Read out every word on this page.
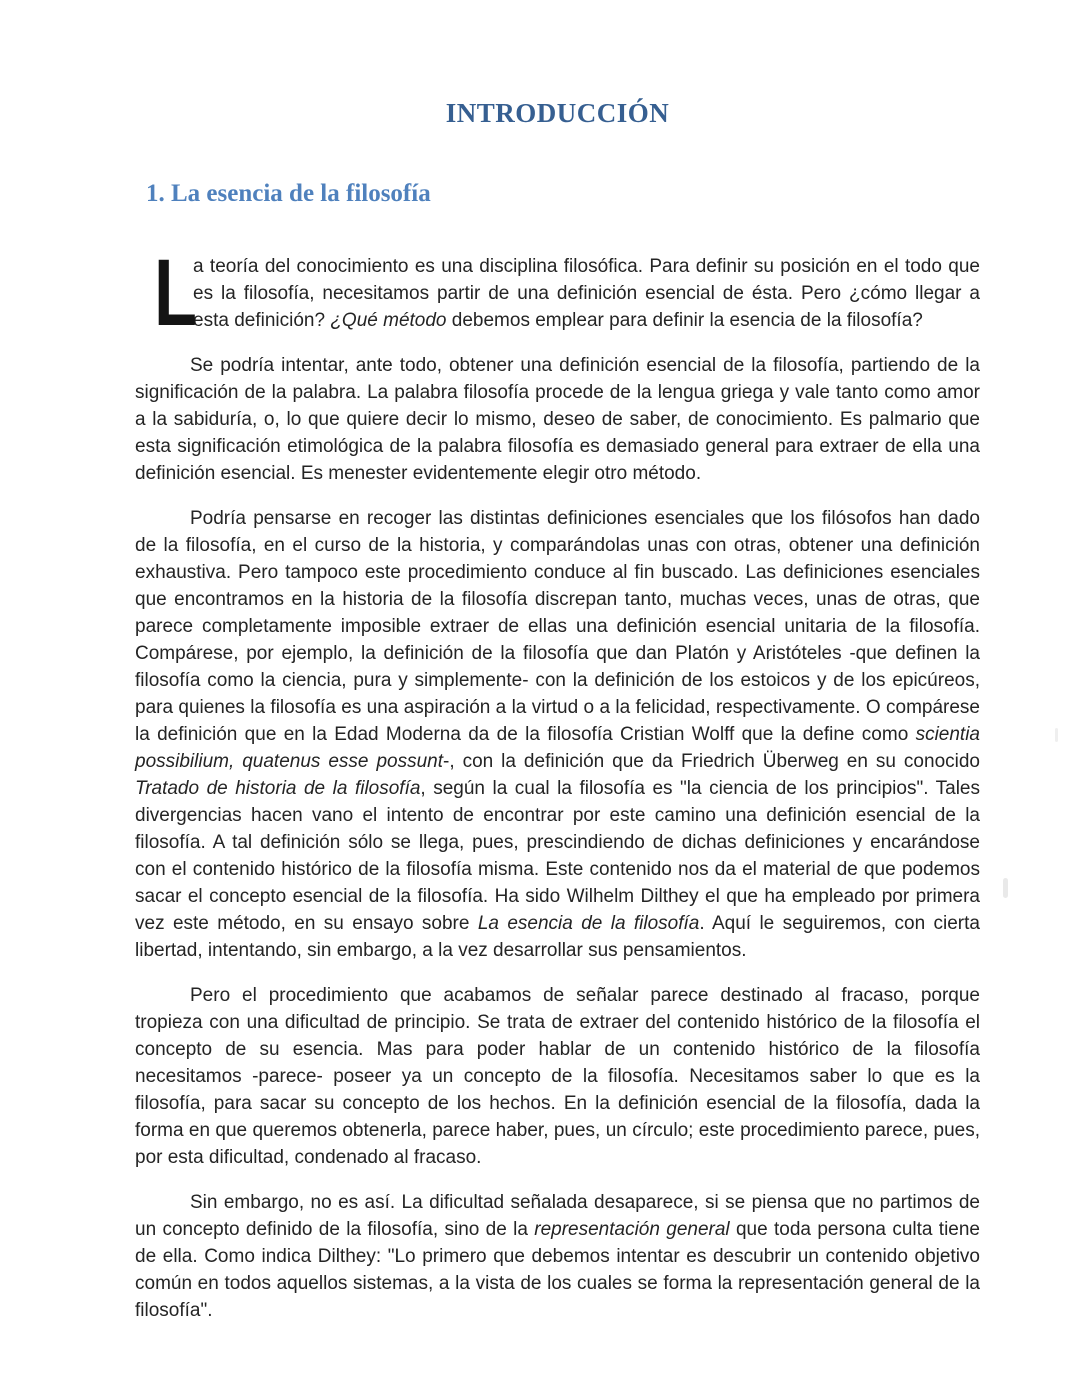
INTRODUCCIÓN
1. La esencia de la filosofía

L
a teoría del conocimiento es una disciplina filosófica. Para definir su posición en el todo que es la filosofía, necesitamos partir de una definición esencial de ésta. Pero ¿cómo llegar a esta definición? ¿Qué método debemos emplear para definir la esencia de la filosofía?

Se podría intentar, ante todo, obtener una definición esencial de la filosofía, partiendo de la significación de la palabra. La palabra filosofía procede de la lengua griega y vale tanto como amor a la sabiduría, o, lo que quiere decir lo mismo, deseo de saber, de conocimiento. Es palmario que esta significación etimológica de la palabra filosofía es demasiado general para extraer de ella una definición esencial. Es menester evidentemente elegir otro método.

Podría pensarse en recoger las distintas definiciones esenciales que los filósofos han dado de la filosofía, en el curso de la historia, y comparándolas unas con otras, obtener una definición exhaustiva. Pero tampoco este procedimiento conduce al fin buscado. Las definiciones esenciales que encontramos en la historia de la filosofía discrepan tanto, muchas veces, unas de otras, que parece completamente imposible extraer de ellas una definición esencial unitaria de la filosofía. Compárese, por ejemplo, la definición de la filosofía que dan Platón y Aristóteles -que definen la filosofía como la ciencia, pura y simplemente- con la definición de los estoicos y de los epicúreos, para quienes la filosofía es una aspiración a la virtud o a la felicidad, respectivamente. O compárese la definición que en la Edad Moderna da de la filosofía Cristian Wolff que la define como scientia possibilium, quatenus esse possunt-, con la definición que da Friedrich Überweg en su conocido Tratado de historia de la filosofía, según la cual la filosofía es "la ciencia de los principios". Tales divergencias hacen vano el intento de encontrar por este camino una definición esencial de la filosofía. A tal definición sólo se llega, pues, prescindiendo de dichas definiciones y encarándose con el contenido histórico de la filosofía misma. Este contenido nos da el material de que podemos sacar el concepto esencial de la filosofía. Ha sido Wilhelm Dilthey el que ha empleado por primera vez este método, en su ensayo sobre La esencia de la filosofía. Aquí le seguiremos, con cierta libertad, intentando, sin embargo, a la vez desarrollar sus pensamientos.

Pero el procedimiento que acabamos de señalar parece destinado al fracaso, porque tropieza con una dificultad de principio. Se trata de extraer del contenido histórico de la filosofía el concepto de su esencia. Mas para poder hablar de un contenido histórico de la filosofía necesitamos -parece- poseer ya un concepto de la filosofía. Necesitamos saber lo que es la filosofía, para sacar su concepto de los hechos. En la definición esencial de la filosofía, dada la forma en que queremos obtenerla, parece haber, pues, un círculo; este procedimiento parece, pues, por esta dificultad, condenado al fracaso.

Sin embargo, no es así. La dificultad señalada desaparece, si se piensa que no partimos de un concepto definido de la filosofía, sino de la representación general que toda persona culta tiene de ella. Como indica Dilthey: "Lo primero que debemos intentar es descubrir un contenido objetivo común en todos aquellos sistemas, a la vista de los cuales se forma la representación general de la filosofía".
